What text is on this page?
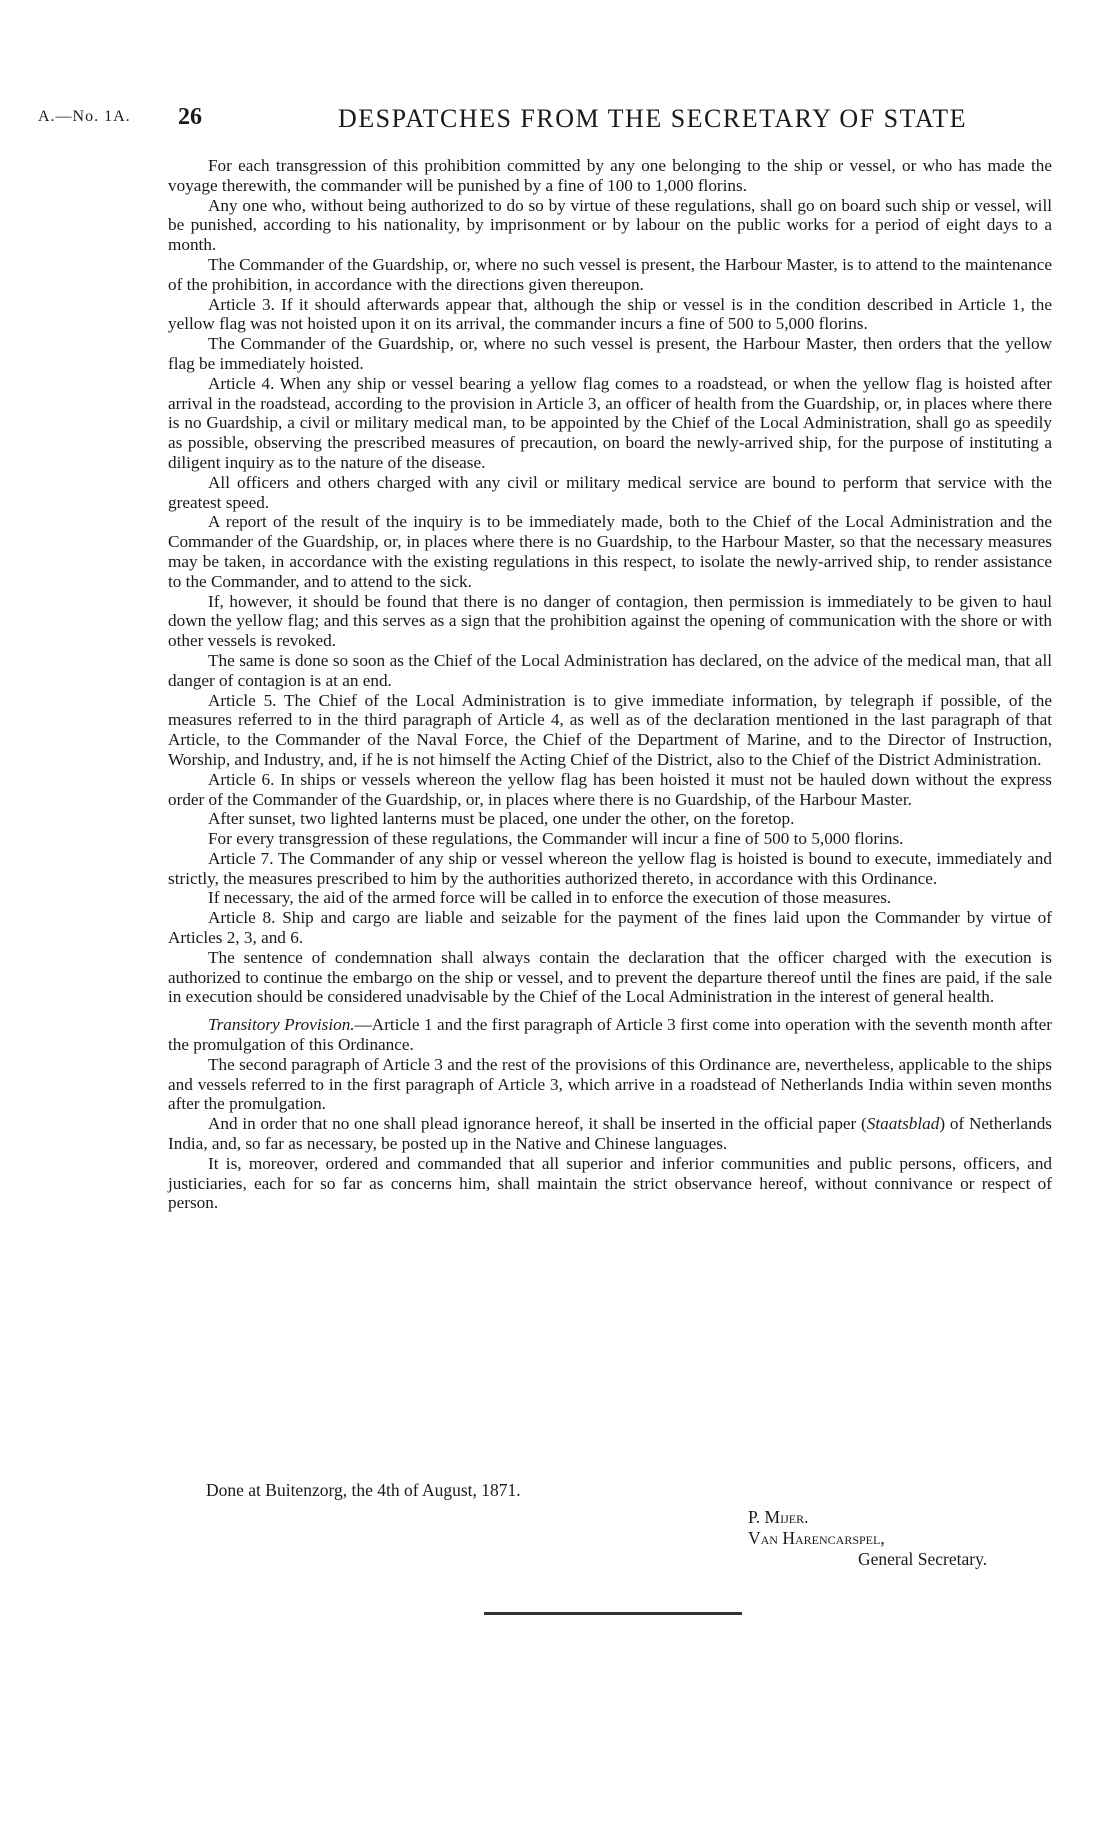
A.—No. 1A. 26	DESPATCHES FROM THE SECRETARY OF STATE

For each transgression of this prohibition committed by any one belonging to the ship or vessel, or who has made the voyage therewith, the commander will be punished by a fine of 100 to 1,000 florins.

Any one who, without being authorized to do so by virtue of these regulations, shall go on board such ship or vessel, will be punished, according to his nationality, by imprisonment or by labour on the public works for a period of eight days to a month.

The Commander of the Guardship, or, where no such vessel is present, the Harbour Master, is to attend to the maintenance of the prohibition, in accordance with the directions given thereupon.

Article 3. If it should afterwards appear that, although the ship or vessel is in the condition described in Article 1, the yellow flag was not hoisted upon it on its arrival, the commander incurs a fine of 500 to 5,000 florins.

The Commander of the Guardship, or, where no such vessel is present, the Harbour Master, then orders that the yellow flag be immediately hoisted.

Article 4. When any ship or vessel bearing a yellow flag comes to a roadstead, or when the yellow flag is hoisted after arrival in the roadstead, according to the provision in Article 3, an officer of health from the Guardship, or, in places where there is no Guardship, a civil or military medical man, to be appointed by the Chief of the Local Administration, shall go as speedily as possible, observing the prescribed measures of precaution, on board the newly-arrived ship, for the purpose of instituting a diligent inquiry as to the nature of the disease.

All officers and others charged with any civil or military medical service are bound to perform that service with the greatest speed.

A report of the result of the inquiry is to be immediately made, both to the Chief of the Local Administration and the Commander of the Guardship, or, in places where there is no Guardship, to the Harbour Master, so that the necessary measures may be taken, in accordance with the existing regulations in this respect, to isolate the newly-arrived ship, to render assistance to the Commander, and to attend to the sick.

If, however, it should be found that there is no danger of contagion, then permission is immediately to be given to haul down the yellow flag; and this serves as a sign that the prohibition against the opening of communication with the shore or with other vessels is revoked.

The same is done so soon as the Chief of the Local Administration has declared, on the advice of the medical man, that all danger of contagion is at an end.

Article 5. The Chief of the Local Administration is to give immediate information, by telegraph if possible, of the measures referred to in the third paragraph of Article 4, as well as of the declaration mentioned in the last paragraph of that Article, to the Commander of the Naval Force, the Chief of the Department of Marine, and to the Director of Instruction, Worship, and Industry, and, if he is not himself the Acting Chief of the District, also to the Chief of the District Administration.

Article 6. In ships or vessels whereon the yellow flag has been hoisted it must not be hauled down without the express order of the Commander of the Guardship, or, in places where there is no Guardship, of the Harbour Master.

After sunset, two lighted lanterns must be placed, one under the other, on the foretop.

For every transgression of these regulations, the Commander will incur a fine of 500 to 5,000 florins.

Article 7. The Commander of any ship or vessel whereon the yellow flag is hoisted is bound to execute, immediately and strictly, the measures prescribed to him by the authorities authorized thereto, in accordance with this Ordinance.

If necessary, the aid of the armed force will be called in to enforce the execution of those measures.

Article 8. Ship and cargo are liable and seizable for the payment of the fines laid upon the Commander by virtue of Articles 2, 3, and 6.

The sentence of condemnation shall always contain the declaration that the officer charged with the execution is authorized to continue the embargo on the ship or vessel, and to prevent the departure thereof until the fines are paid, if the sale in execution should be considered unadvisable by the Chief of the Local Administration in the interest of general health.

Transitory Provision.—Article 1 and the first paragraph of Article 3 first come into operation with the seventh month after the promulgation of this Ordinance.

The second paragraph of Article 3 and the rest of the provisions of this Ordinance are, nevertheless, applicable to the ships and vessels referred to in the first paragraph of Article 3, which arrive in a roadstead of Netherlands India within seven months after the promulgation.

And in order that no one shall plead ignorance hereof, it shall be inserted in the official paper (Staatsblad) of Netherlands India, and, so far as necessary, be posted up in the Native and Chinese languages.

It is, moreover, ordered and commanded that all superior and inferior communities and public persons, officers, and justiciaries, each for so far as concerns him, shall maintain the strict observance hereof, without connivance or respect of person.

Done at Buitenzorg, the 4th of August, 1871.
P. Mijer.
Van Harencarspel,
General Secretary.
